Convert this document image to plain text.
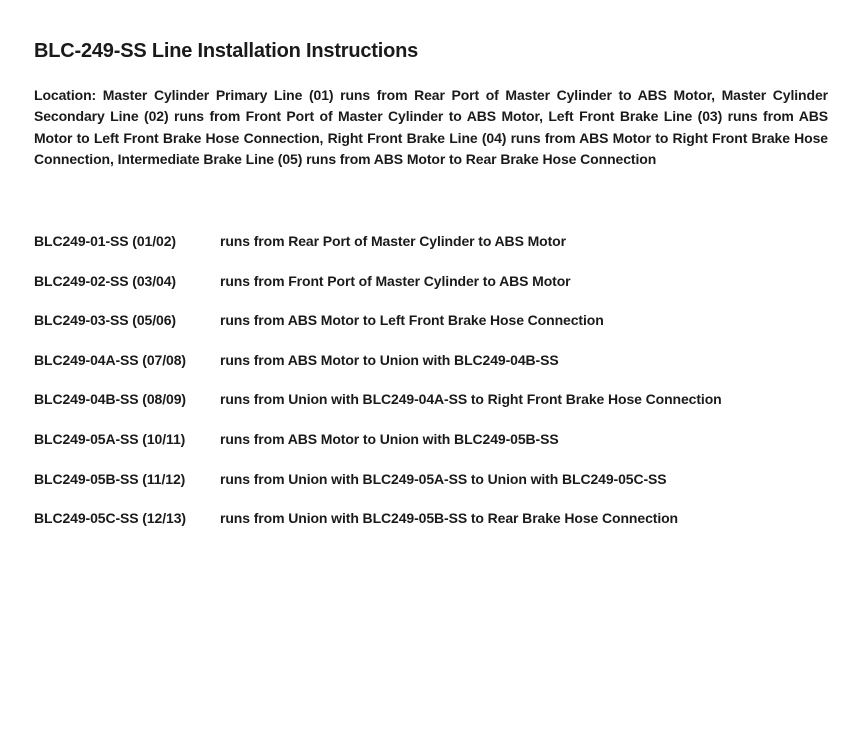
BLC-249-SS Line Installation Instructions
Location: Master Cylinder Primary Line (01) runs from Rear Port of Master Cylinder to ABS Motor, Master Cylinder Secondary Line (02) runs from Front Port of Master Cylinder to ABS Motor, Left Front Brake Line (03) runs from ABS Motor to Left Front Brake Hose Connection, Right Front Brake Line (04) runs from ABS Motor to Right Front Brake Hose Connection, Intermediate Brake Line (05) runs from ABS Motor to Rear Brake Hose Connection
BLC249-01-SS (01/02)	runs from Rear Port of Master Cylinder to ABS Motor
BLC249-02-SS (03/04)	runs from Front Port of Master Cylinder to ABS Motor
BLC249-03-SS (05/06)	runs from ABS Motor to Left Front Brake Hose Connection
BLC249-04A-SS (07/08)	runs from ABS Motor to Union with BLC249-04B-SS
BLC249-04B-SS (08/09)	runs from Union with BLC249-04A-SS to Right Front Brake Hose Connection
BLC249-05A-SS (10/11)	runs from ABS Motor to Union with BLC249-05B-SS
BLC249-05B-SS (11/12)	runs from Union with BLC249-05A-SS to Union with BLC249-05C-SS
BLC249-05C-SS (12/13)	runs from Union with BLC249-05B-SS to Rear Brake Hose Connection
